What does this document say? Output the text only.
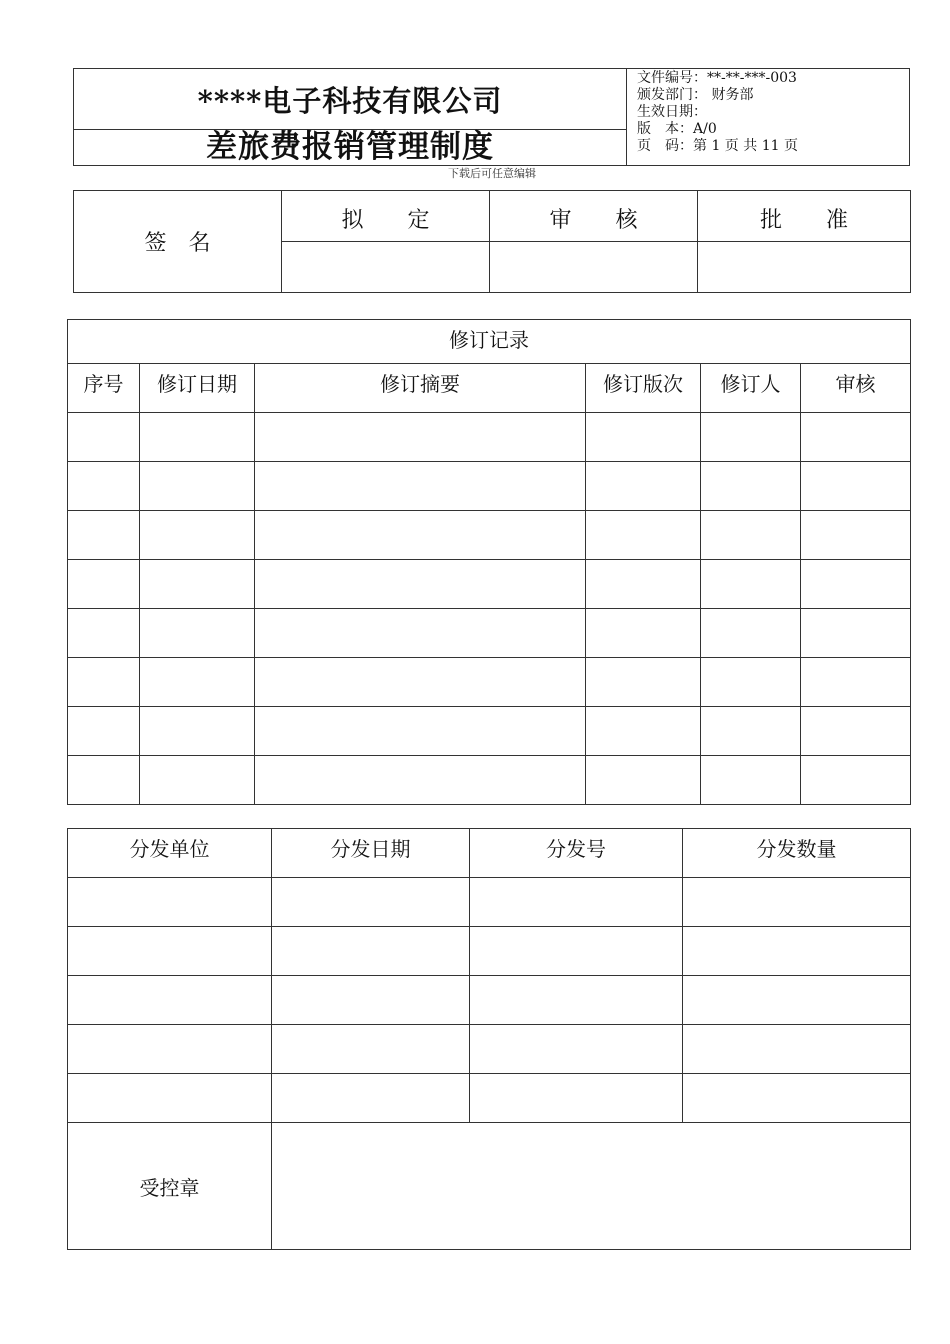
****电子科技有限公司
差旅费报销管理制度
文件编号：**-**-***-003
颁发部门： 财务部
生效日期：
版本：A/0
页码：第 1 页 共 11 页
下载后可任意编辑
签　名	拟　　定	审　　核	批　　准

修订记录					

序号	修订日期	修订摘要	修订版次	修订人	审核

分发单位	分发日期	分发号	分发数量

受控章			
